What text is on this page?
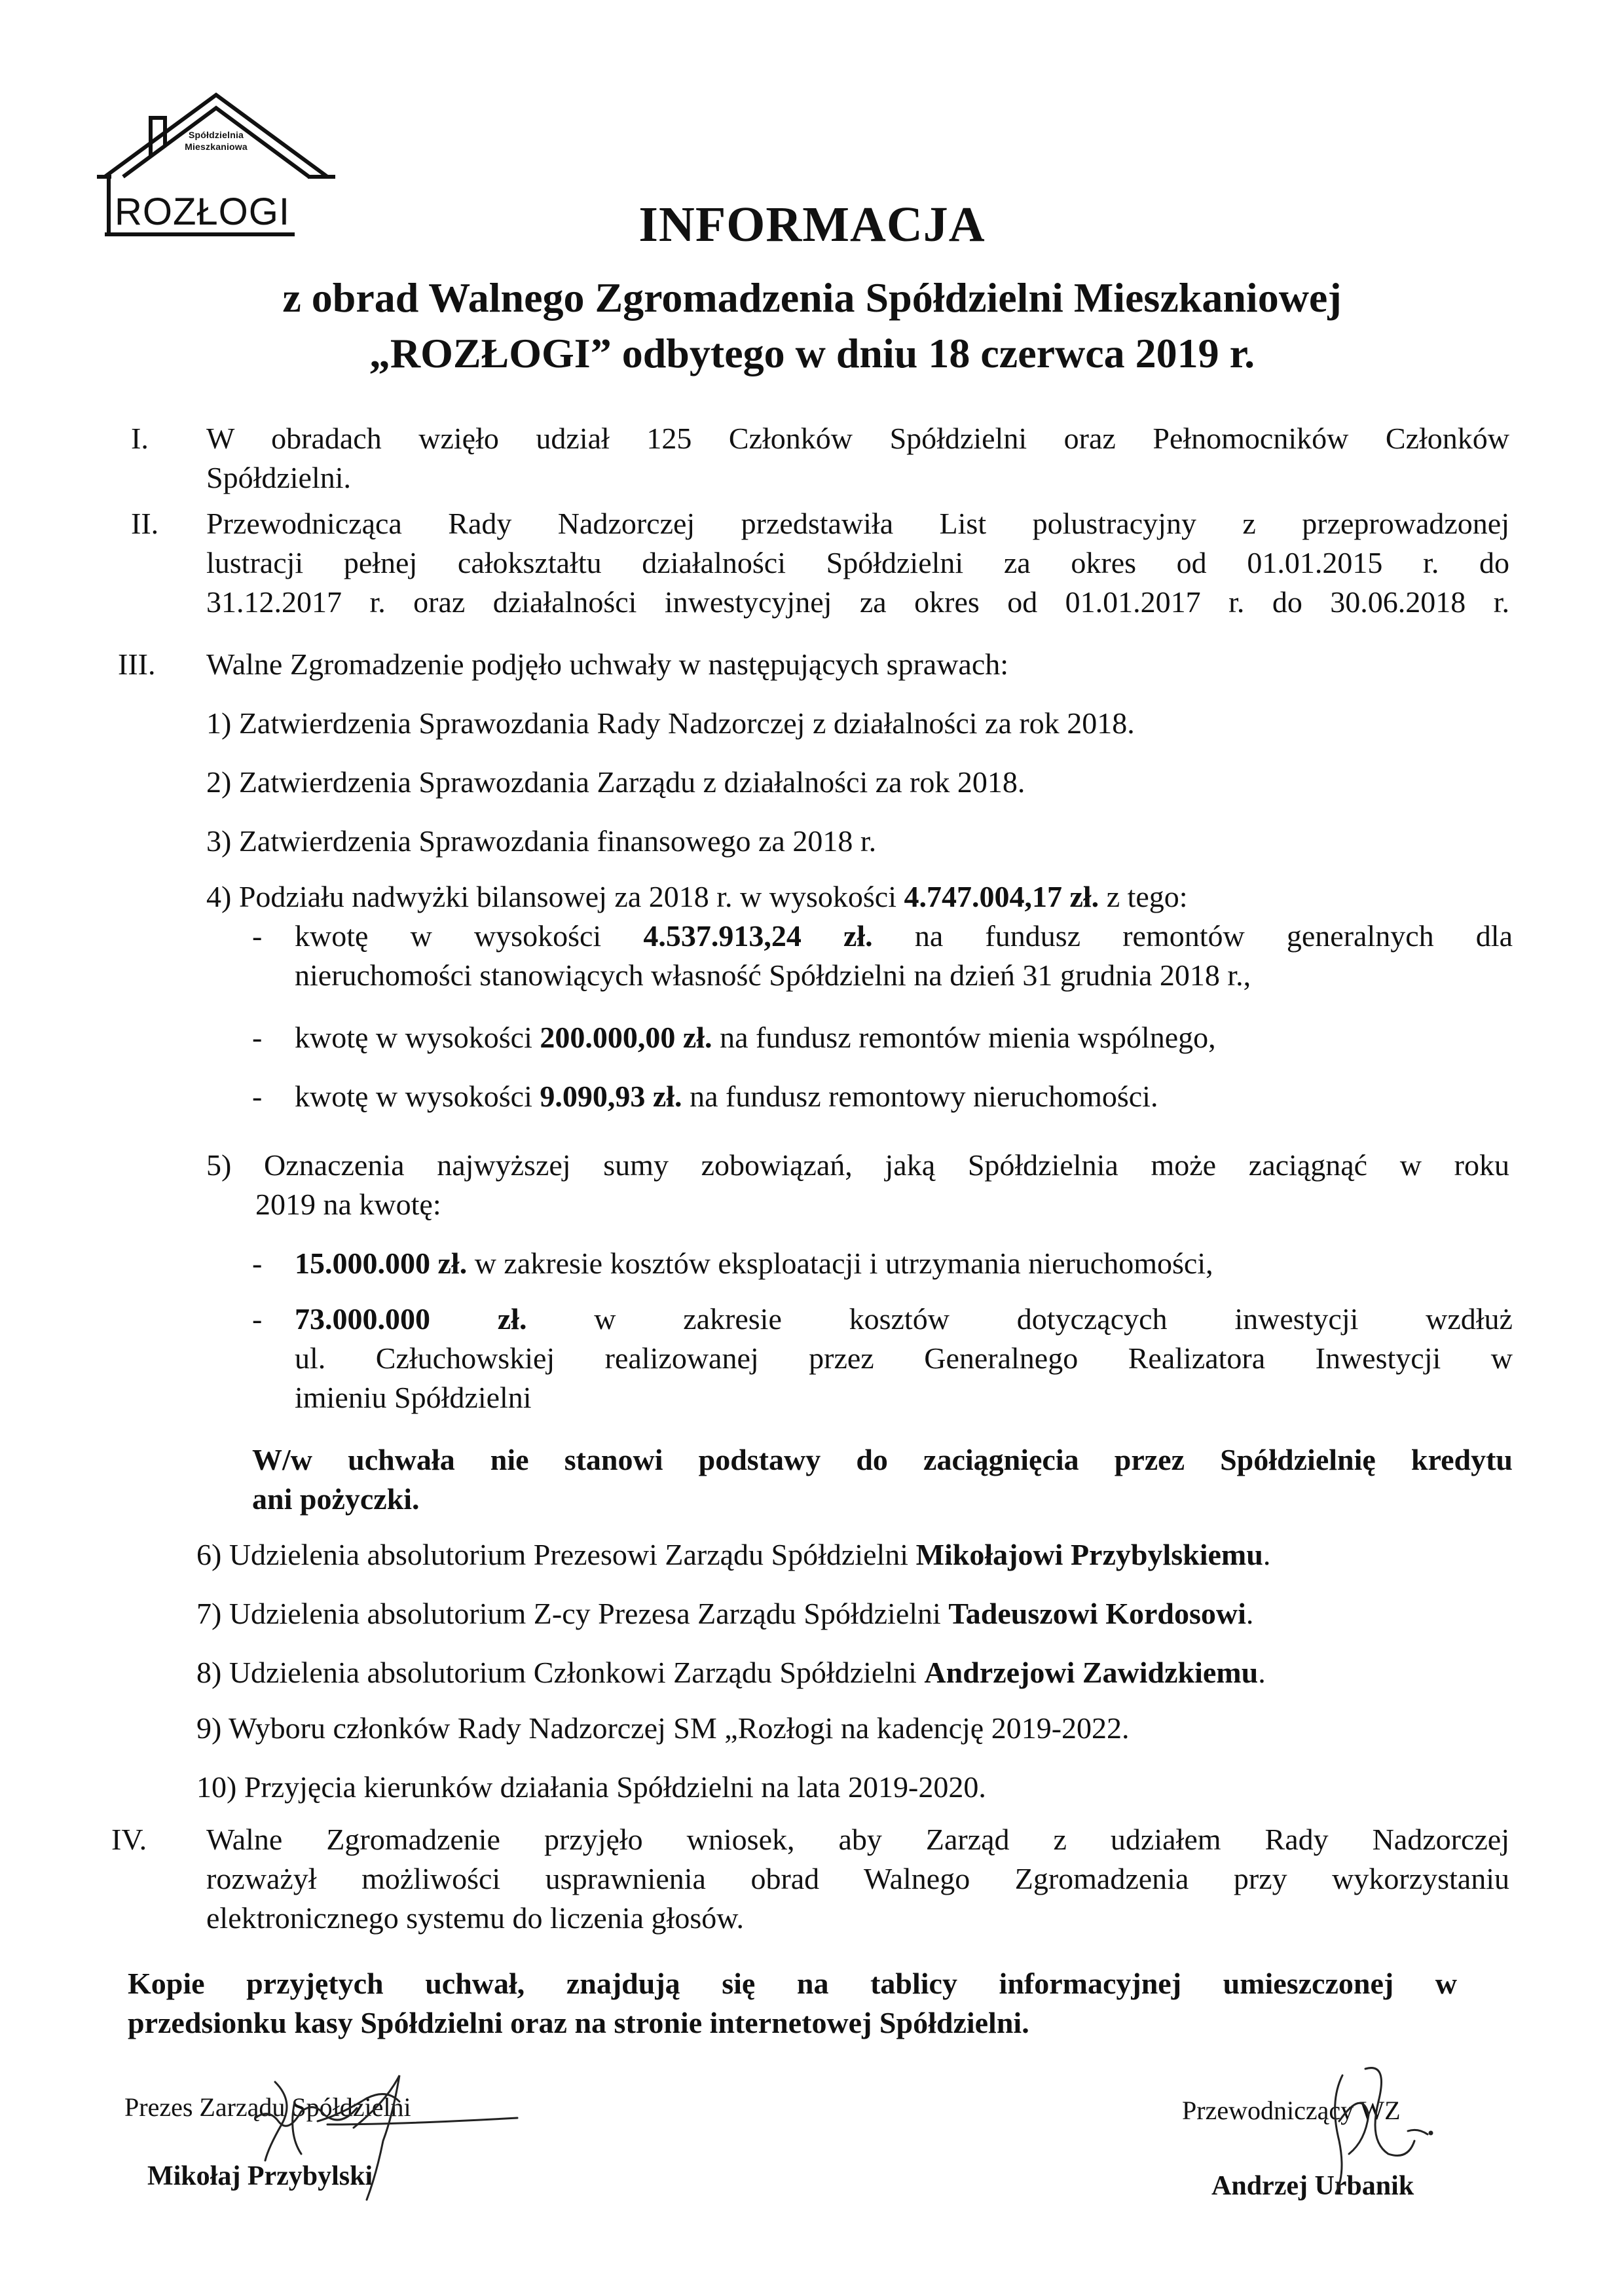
Spółdzielnia
Mieszkaniowa
ROZŁOGI	INFORMACJA
z obrad Walnego Zgromadzenia Spółdzielni Mieszkaniowej
„ROZŁOGI” odbytego w dniu 18 czerwca 2019 r.
I. W obradach wzięło udział 125 Członków Spółdzielni oraz Pełnomocników Członków
Spółdzielni.
II. Przewodnicząca Rady Nadzorczej przedstawiła List polustracyjny z przeprowadzonej
lustracji pełnej całokształtu działalności Spółdzielni za okres od 01.01.2015 r. do
31.12.2017 r. oraz działalności inwestycyjnej za okres od 01.01.2017 r. do 30.06.2018 r.
III. Walne Zgromadzenie podjęło uchwały w następujących sprawach:
1) Zatwierdzenia Sprawozdania Rady Nadzorczej z działalności za rok 2018.
2) Zatwierdzenia Sprawozdania Zarządu z działalności za rok 2018.
3) Zatwierdzenia Sprawozdania finansowego za 2018 r.
4) Podziału nadwyżki bilansowej za 2018 r. w wysokości 4.747.004,17 zł. z tego:
- kwotę w wysokości 4.537.913,24 zł. na fundusz remontów generalnych dla
nieruchomości stanowiących własność Spółdzielni na dzień 31 grudnia 2018 r.,
- kwotę w wysokości 200.000,00 zł. na fundusz remontów mienia wspólnego,
- kwotę w wysokości 9.090,93 zł. na fundusz remontowy nieruchomości.
5) Oznaczenia najwyższej sumy zobowiązań, jaką Spółdzielnia może zaciągnąć w roku
2019 na kwotę:
- 15.000.000 zł. w zakresie kosztów eksploatacji i utrzymania nieruchomości,
- 73.000.000 zł. w zakresie kosztów dotyczących inwestycji wzdłuż
ul. Człuchowskiej realizowanej przez Generalnego Realizatora Inwestycji w
imieniu Spółdzielni
W/w uchwała nie stanowi podstawy do zaciągnięcia przez Spółdzielnię kredytu
ani pożyczki.
6) Udzielenia absolutorium Prezesowi Zarządu Spółdzielni Mikołajowi Przybylskiemu.
7) Udzielenia absolutorium Z-cy Prezesa Zarządu Spółdzielni Tadeuszowi Kordosowi.
8) Udzielenia absolutorium Członkowi Zarządu Spółdzielni Andrzejowi Zawidzkiemu.
9) Wyboru członków Rady Nadzorczej SM „Rozłogi na kadencję 2019-2022.
10) Przyjęcia kierunków działania Spółdzielni na lata 2019-2020.
IV. Walne Zgromadzenie przyjęło wniosek, aby Zarząd z udziałem Rady Nadzorczej
rozważył możliwości usprawnienia obrad Walnego Zgromadzenia przy wykorzystaniu
elektronicznego systemu do liczenia głosów.
Kopie przyjętych uchwał, znajdują się na tablicy informacyjnej umieszczonej w
przedsionku kasy Spółdzielni oraz na stronie internetowej Spółdzielni.
Prezes Zarządu Spółdzielni
Mikołaj Przybylski
Przewodniczący WZ
Andrzej Urbanik
